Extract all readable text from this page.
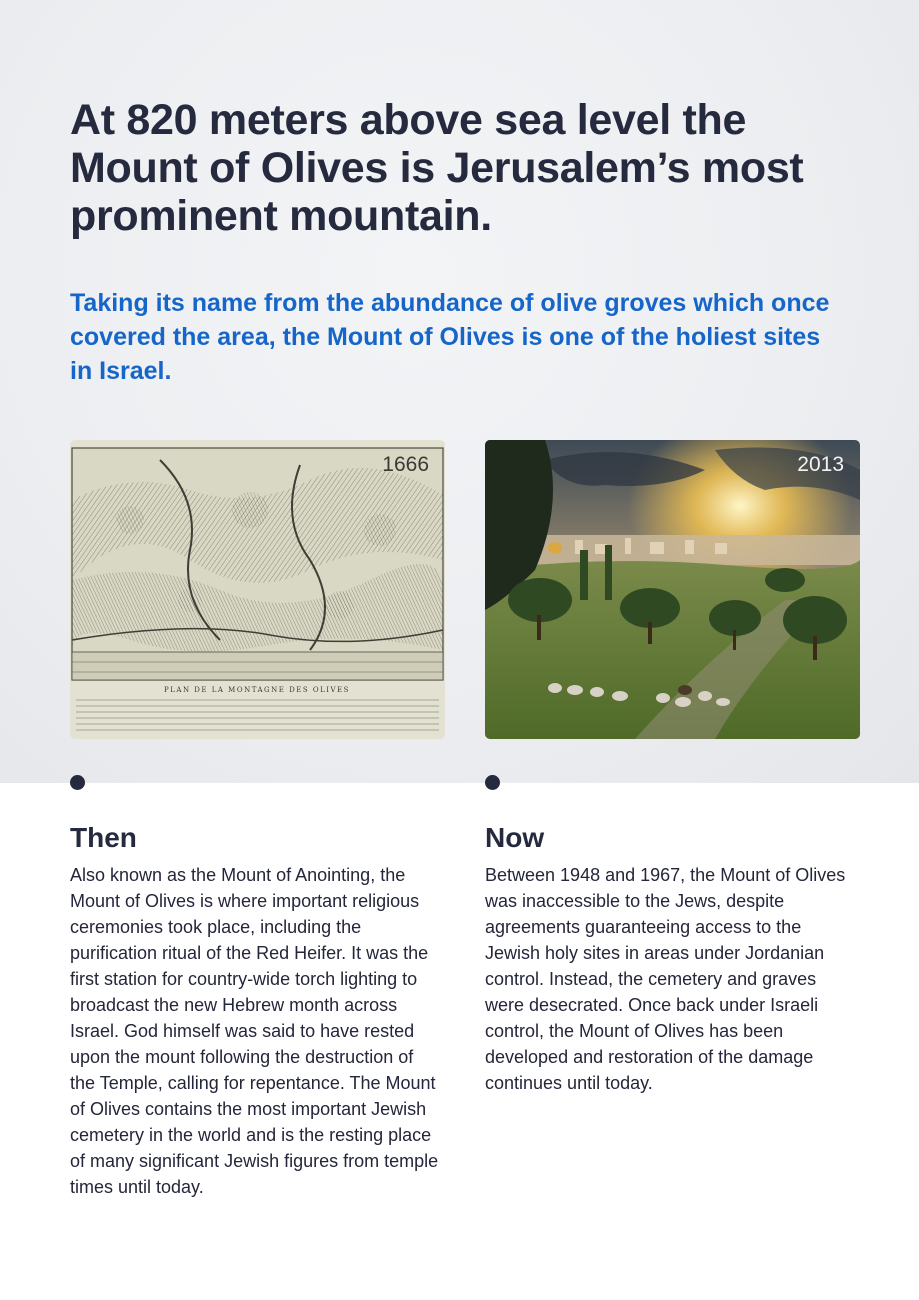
At 820 meters above sea level the Mount of Olives is Jerusalem’s most prominent mountain.
Taking its name from the abundance of olive groves which once covered the area, the Mount of Olives is one of the holiest sites in Israel.
PLAN DE LA MONTAGNE DES OLIVES
1666	2013
Then

Also known as the Mount of Anointing, the Mount of Olives is where important religious ceremonies took place, including the purification ritual of the Red Heifer. It was the first station for country-wide torch lighting to broadcast the new Hebrew month across Israel. God himself was said to have rested upon the mount following the destruction of the Temple, calling for repentance. The Mount of Olives contains the most important Jewish cemetery in the world and is the resting place of many significant Jewish figures from temple times until today.

Now

Between 1948 and 1967, the Mount of Olives was inaccessible to the Jews, despite agreements guaranteeing access to the Jewish holy sites in areas under Jordanian control. Instead, the cemetery and graves were desecrated. Once back under Israeli control, the Mount of Olives has been developed and restoration of the damage continues until today.
